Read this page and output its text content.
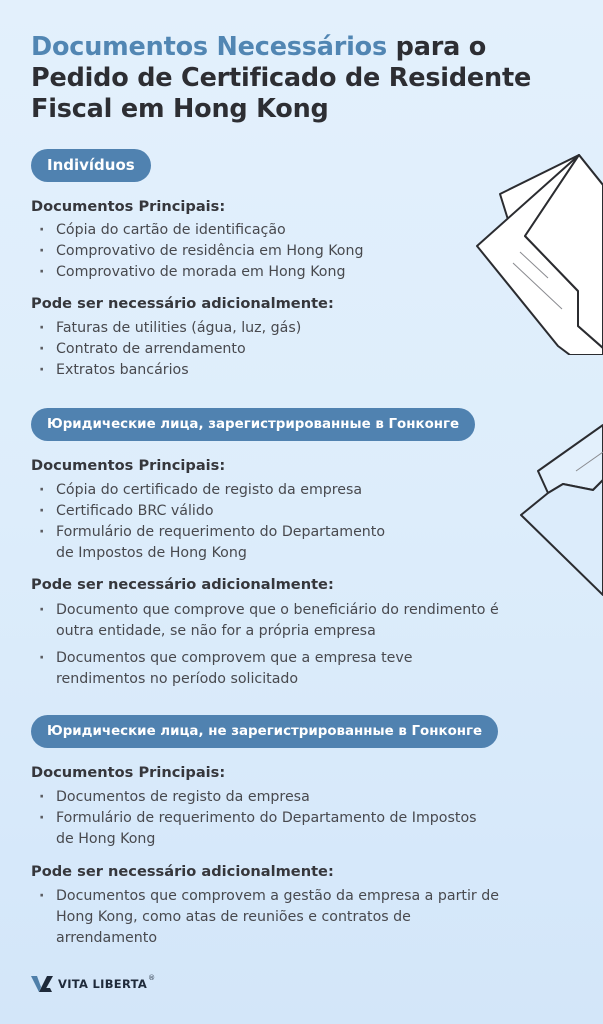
Documentos Necessários para o
Pedido de Certificado de Residente
Fiscal em Hong Kong
Indivíduos
Documentos Principais:
· Cópia do cartão de identificação
· Comprovativo de residência em Hong Kong
· Comprovativo de morada em Hong Kong
Pode ser necessário adicionalmente:
· Faturas de utilities (água, luz, gás)
· Contrato de arrendamento
· Extratos bancários
Юридические лица, зарегистрированные в Гонконге
Documentos Principais:
· Cópia do certificado de registo da empresa
· Certificado BRC válido
· Formulário de requerimento do Departamento
de Impostos de Hong Kong
Pode ser necessário adicionalmente:
· Documento que comprove que o beneficiário do rendimento é
outra entidade, se não for a própria empresa
· Documentos que comprovem que a empresa teve
rendimentos no período solicitado
Юридические лица, не зарегистрированные в Гонконге
Documentos Principais:
· Documentos de registo da empresa
· Formulário de requerimento do Departamento de Impostos
de Hong Kong
Pode ser necessário adicionalmente:
· Documentos que comprovem a gestão da empresa a partir de
Hong Kong, como atas de reuniões e contratos de
arrendamento
VITA LIBERTA ®
